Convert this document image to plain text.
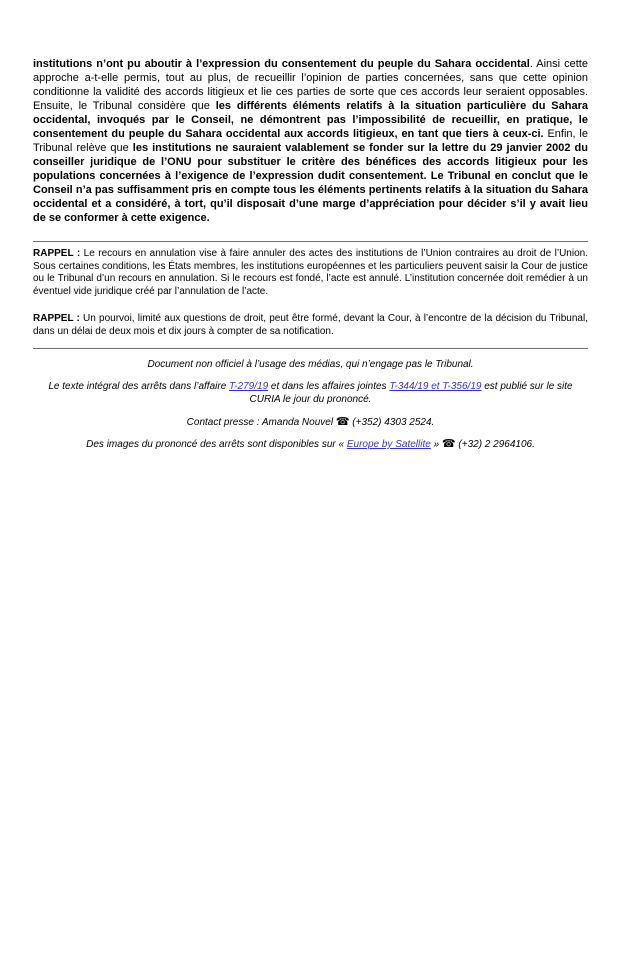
institutions n’ont pu aboutir à l’expression du consentement du peuple du Sahara occidental. Ainsi cette approche a-t-elle permis, tout au plus, de recueillir l’opinion de parties concernées, sans que cette opinion conditionne la validité des accords litigieux et lie ces parties de sorte que ces accords leur seraient opposables. Ensuite, le Tribunal considère que les différents éléments relatifs à la situation particulière du Sahara occidental, invoqués par le Conseil, ne démontrent pas l’impossibilité de recueillir, en pratique, le consentement du peuple du Sahara occidental aux accords litigieux, en tant que tiers à ceux-ci. Enfin, le Tribunal relève que les institutions ne sauraient valablement se fonder sur la lettre du 29 janvier 2002 du conseiller juridique de l’ONU pour substituer le critère des bénéfices des accords litigieux pour les populations concernées à l’exigence de l’expression dudit consentement. Le Tribunal en conclut que le Conseil n’a pas suffisamment pris en compte tous les éléments pertinents relatifs à la situation du Sahara occidental et a considéré, à tort, qu’il disposait d’une marge d’appréciation pour décider s’il y avait lieu de se conformer à cette exigence.

RAPPEL : Le recours en annulation vise à faire annuler des actes des institutions de l’Union contraires au droit de l’Union. Sous certaines conditions, les États membres, les institutions européennes et les particuliers peuvent saisir la Cour de justice ou le Tribunal d’un recours en annulation. Si le recours est fondé, l’acte est annulé. L’institution concernée doit remédier à un éventuel vide juridique créé par l’annulation de l’acte.

RAPPEL : Un pourvoi, limité aux questions de droit, peut être formé, devant la Cour, à l’encontre de la décision du Tribunal, dans un délai de deux mois et dix jours à compter de sa notification.

Document non officiel à l’usage des médias, qui n’engage pas le Tribunal.

Le texte intégral des arrêts dans l’affaire T-279/19 et dans les affaires jointes T-344/19 et T-356/19 est publié sur le site CURIA le jour du prononcé.

Contact presse : Amanda Nouvel ☎ (+352) 4303 2524.

Des images du prononcé des arrêts sont disponibles sur « Europe by Satellite » ☎ (+32) 2 2964106.
